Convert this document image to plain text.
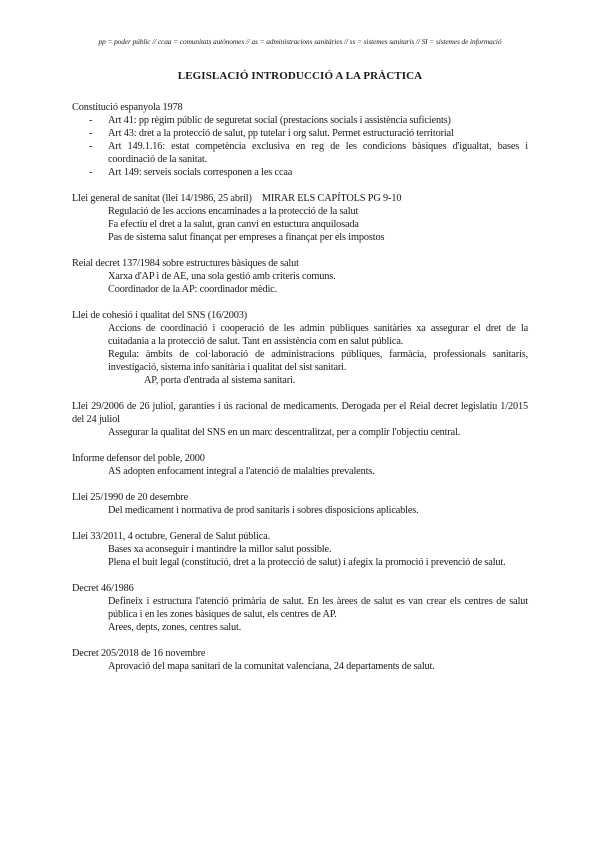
pp = poder públic // ccaa = comunitats autònomes // as = administracions sanitàries // ss = sistemes sanitaris // SI = sistemes de informació
LEGISLACIÓ INTRODUCCIÓ A LA PRÀCTICA

Constitució espanyola 1978

- Art 41: pp règim públic de seguretat social (prestacions socials i assistència suficients)
- Art 43: dret a la protecció de salut, pp tutelar i org salut. Permet estructuració territorial
- Art 149.1.16: estat competència exclusiva en reg de les condicions bàsiques d'igualtat, bases i coordinació de la sanitat.
- Art 149: serveis socials corresponen a les ccaa

Llei general de sanitat (llei 14/1986, 25 abril) MIRAR ELS CAPÍTOLS PG 9-10

Regulació de les accions encaminades a la protecció de la salut

Fa efectiu el dret a la salut, gran canvi en estuctura anquilosada

Pas de sistema salut finançat per empreses a finançat per els impostos

Reial decret 137/1984 sobre estructures bàsiques de salut

Xarxa d'AP i de AE, una sola gestió amb criteris comuns.

Coordinador de la AP: coordinador mèdic.

Llei de cohesió i qualitat del SNS (16/2003)

Accions de coordinació i cooperació de les admin públiques sanitàries xa assegurar el dret de la cuitadania a la protecció de salut. Tant en assistència com en salut pública.

Regula: àmbits de col·laboració de administracions públiques, farmàcia, professionals sanitaris, investigació, sistema info sanitària i qualitat del sist sanitari.

AP, porta d'entrada al sistema sanitari.

Llei 29/2006 de 26 juliol, garanties i ús racional de medicaments. Derogada per el Reial decret legislatiu 1/2015 del 24 juliol

Assegurar la qualitat del SNS en un marc descentralitzat, per a complir l'objectiu central.

Informe defensor del poble, 2000

AS adopten enfocament integral a l'atenció de malalties prevalents.

Llei 25/1990 de 20 desembre

Del medicament i normativa de prod sanitaris i sobres disposicions aplicables.

Llei 33/2011, 4 octubre, General de Salut pública.

Bases xa aconseguir i mantindre la millor salut possible.

Plena el buit legal (constitució, dret a la protecció de salut) i afegix la promoció i prevenció de salut.

Decret 46/1986

Defineix i estructura l'atenció primària de salut. En les àrees de salut es van crear els centres de salut pública i en les zones bàsiques de salut, els centres de AP.

Arees, depts, zones, centres salut.

Decret 205/2018 de 16 novembre

Aprovació del mapa sanitari de la comunitat valenciana, 24 departaments de salut.
